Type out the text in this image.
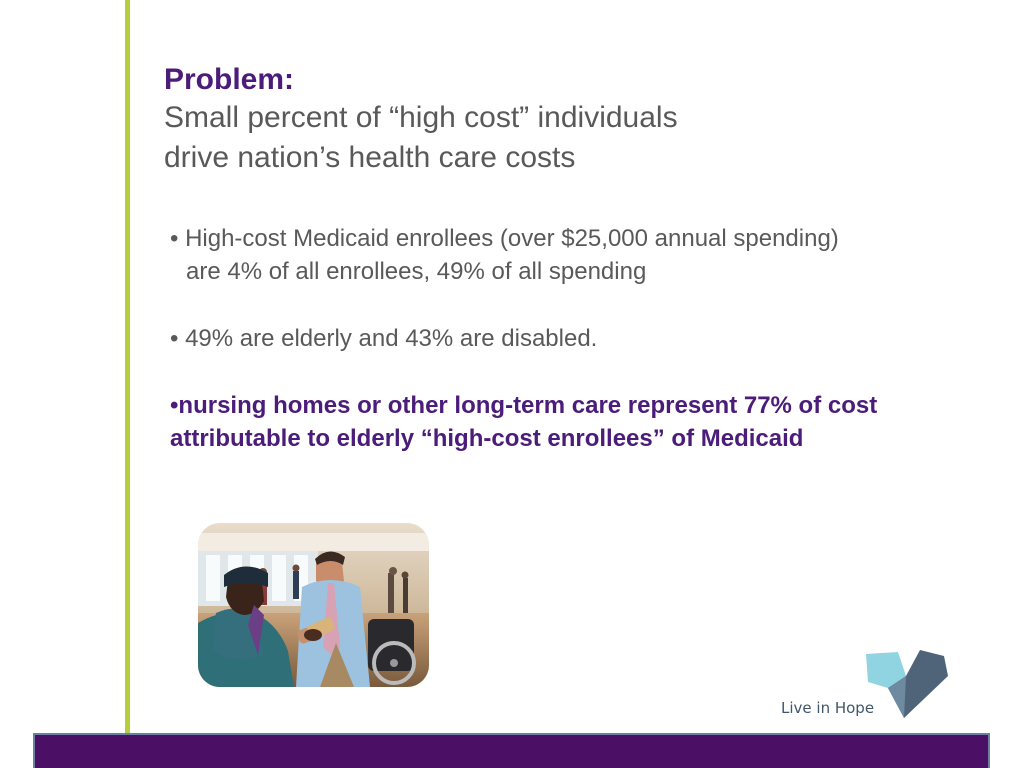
Problem:
Small percent of “high cost” individuals
drive nation’s health care costs

• High-cost Medicaid enrollees (over $25,000 annual spending)
are 4% of all enrollees, 49% of all spending

• 49% are elderly and 43% are disabled.

•nursing homes or other long-term care represent 77% of cost attributable to elderly “high-cost enrollees” of Medicaid

Live in Hope
